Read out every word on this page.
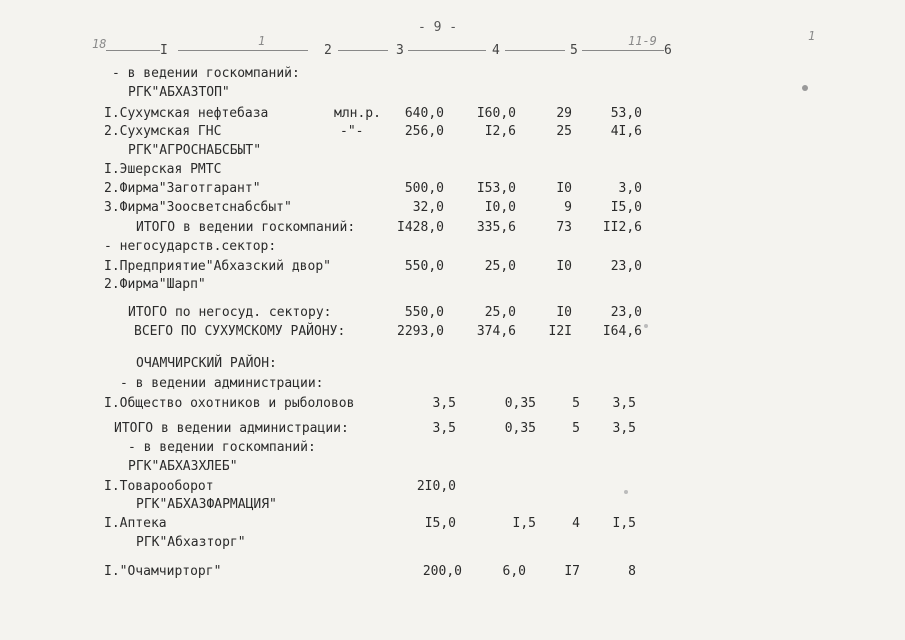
- 9 -
18	1	11-9	1
I	2	3	4	5	6
- в ведении госкомпаний:
РГК"АБХАЗТОП"
I.Сухумская нефтебаза	млн.р.	640,0	I60,0	29	53,0
2.Сухумская ГНС	-"-	256,0	I2,6	25	4I,6
РГК"АГРОСНАБСБЫТ"
I.Эшерская РМТС
2.Фирма"Заготгарант"	500,0	I53,0	I0	3,0
3.Фирма"Зоосветснабсбыт"	32,0	I0,0	9	I5,0
ИТОГО в ведении госкомпаний:	I428,0	335,6	73	II2,6
- негосударств.сектор:
I.Предприятие"Абхазский двор"	550,0	25,0	I0	23,0
2.Фирма"Шарп"
ИТОГО по негосуд. сектору:	550,0	25,0	I0	23,0
ВСЕГО ПО СУХУМСКОМУ РАЙОНУ:	2293,0	374,6	I2I	I64,6
ОЧАМЧИРСКИЙ РАЙОН:
- в ведении администрации:
I.Общество охотников и рыболовов	3,5	0,35	5	3,5
ИТОГО в ведении администрации:	3,5	0,35	5	3,5
- в ведении госкомпаний:
РГК"АБХАЗХЛЕБ"
I.Товарооборот	2I0,0
РГК"АБХАЗФАРМАЦИЯ"
I.Аптека	I5,0	I,5	4	I,5
РГК"Абхазторг"
I."Очамчирторг"	200,0	6,0	I7	8
